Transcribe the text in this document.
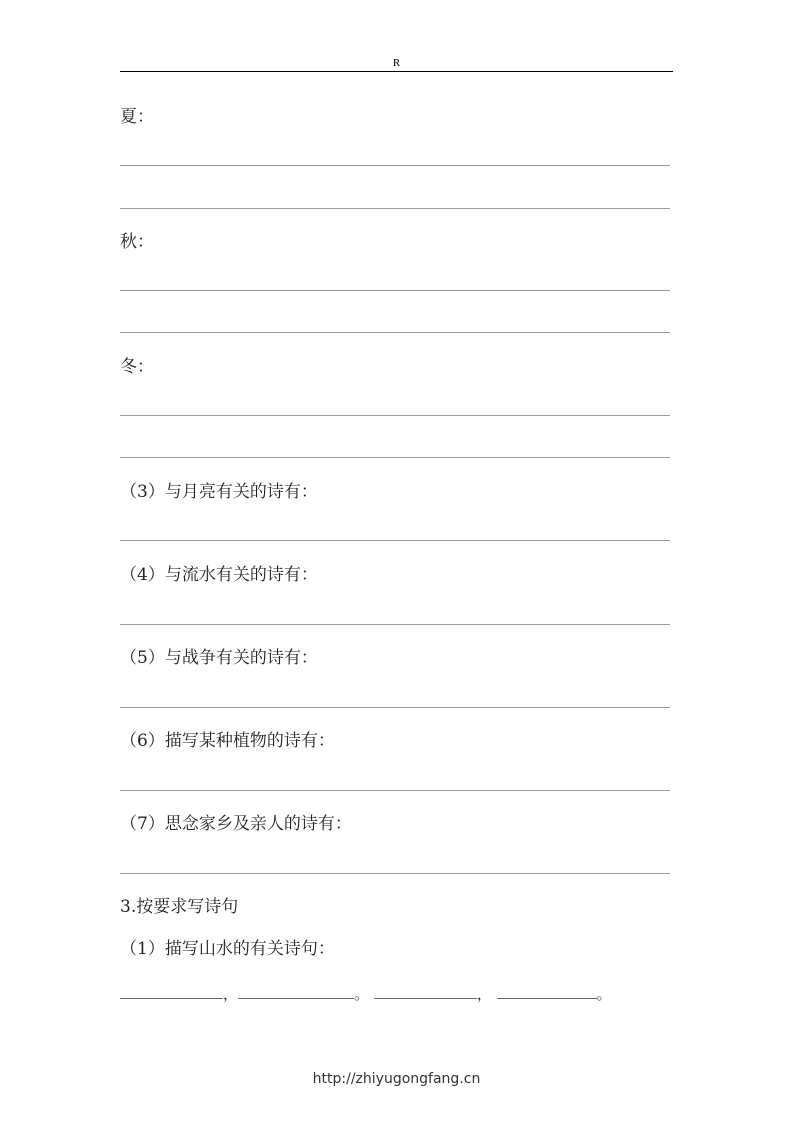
R
夏：
秋：
冬：
（3）与月亮有关的诗有：
（4）与流水有关的诗有：
（5）与战争有关的诗有：
（6）描写某种植物的诗有：
（7）思念家乡及亲人的诗有：
3.按要求写诗句
（1）描写山水的有关诗句：
，	。	，	。
http://zhiyugongfang.cn
